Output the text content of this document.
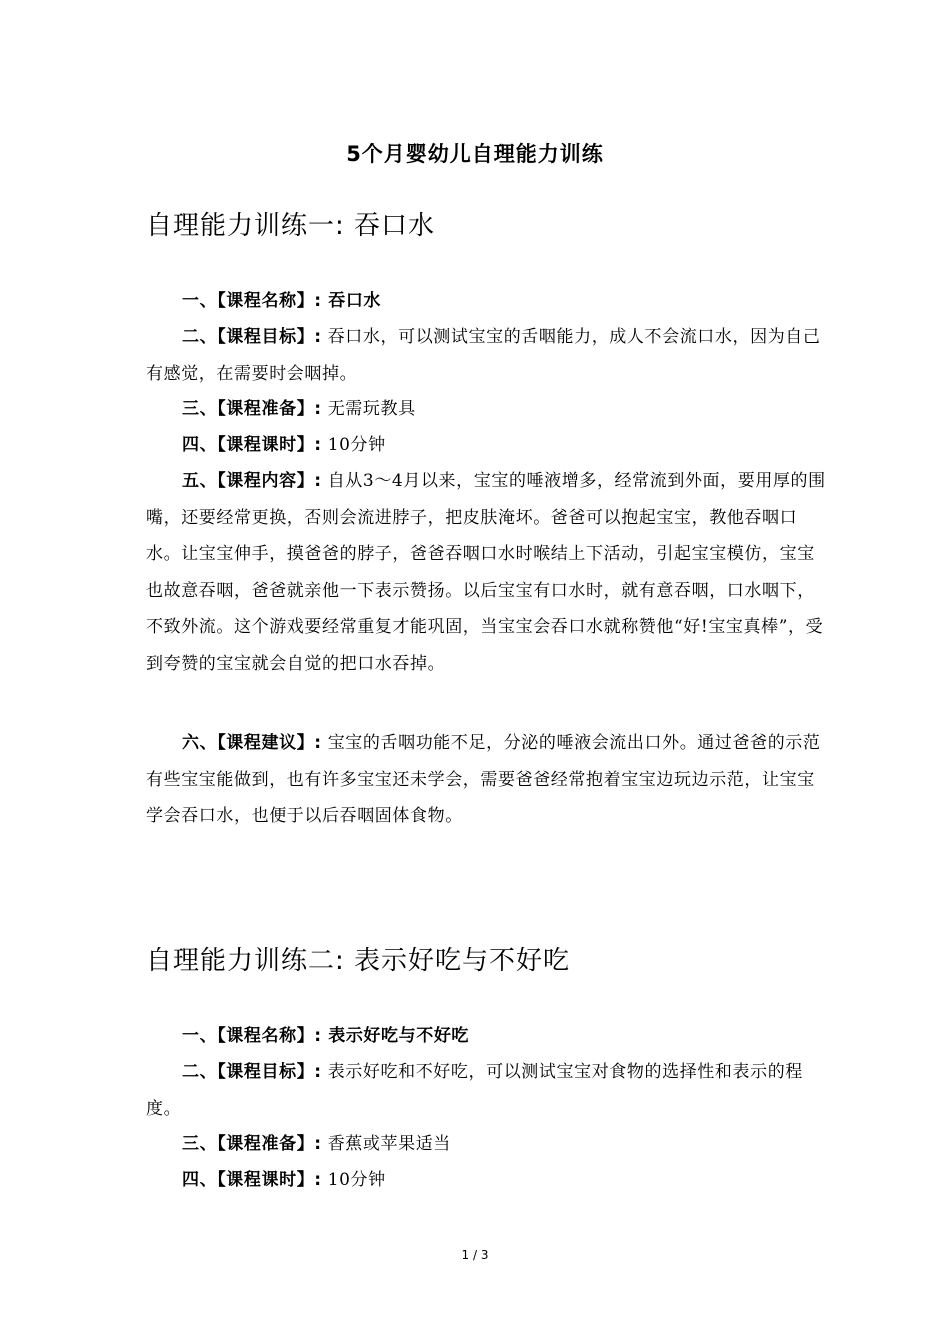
5个月婴幼儿自理能力训练
自理能力训练一: 吞口水

一、【课程名称】: 吞口水

二、【课程目标】: 吞口水，可以测试宝宝的舌咽能力，成人不会流口水，因为自己有感觉，在需要时会咽掉。

三、【课程准备】: 无需玩教具

四、【课程课时】: 10分钟

五、【课程内容】: 自从3～4月以来，宝宝的唾液增多，经常流到外面，要用厚的围嘴，还要经常更换，否则会流进脖子，把皮肤淹坏。爸爸可以抱起宝宝，教他吞咽口水。让宝宝伸手，摸爸爸的脖子，爸爸吞咽口水时喉结上下活动，引起宝宝模仿，宝宝也故意吞咽，爸爸就亲他一下表示赞扬。以后宝宝有口水时，就有意吞咽，口水咽下，不致外流。这个游戏要经常重复才能巩固，当宝宝会吞口水就称赞他“好!宝宝真棒”，受到夸赞的宝宝就会自觉的把口水吞掉。

六、【课程建议】: 宝宝的舌咽功能不足，分泌的唾液会流出口外。通过爸爸的示范有些宝宝能做到，也有许多宝宝还未学会，需要爸爸经常抱着宝宝边玩边示范，让宝宝学会吞口水，也便于以后吞咽固体食物。

自理能力训练二: 表示好吃与不好吃

一、【课程名称】: 表示好吃与不好吃

二、【课程目标】: 表示好吃和不好吃，可以测试宝宝对食物的选择性和表示的程度。

三、【课程准备】: 香蕉或苹果适当

四、【课程课时】: 10分钟

1 / 3
